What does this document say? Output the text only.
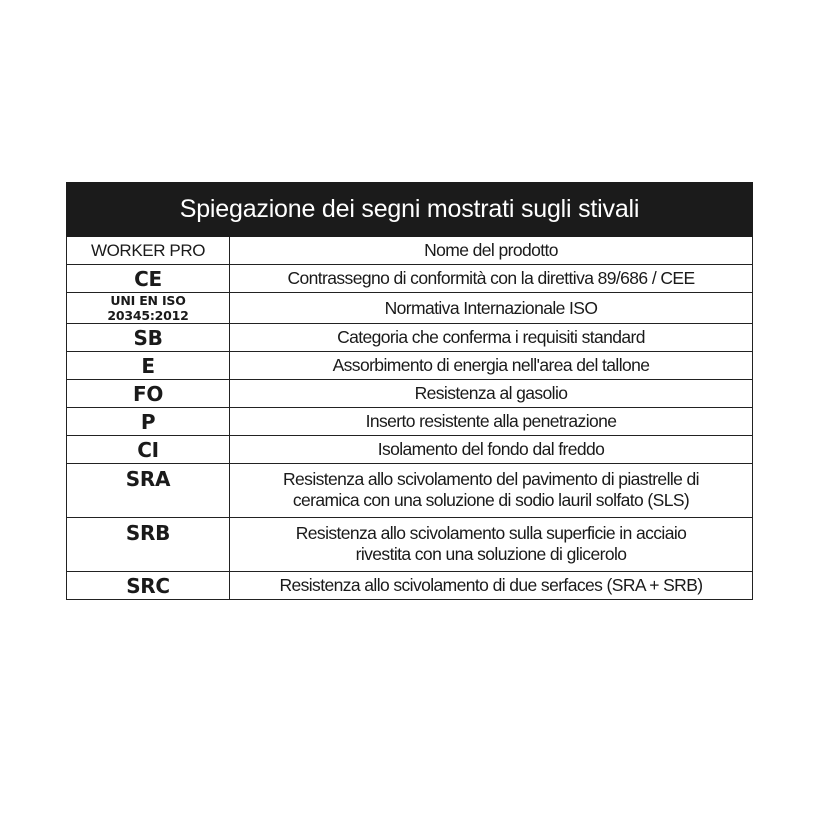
Spiegazione dei segni mostrati sugli stivali	
WORKER PRO	Nome del prodotto
CE	Contrassegno di conformità con la direttiva 89/686 / CEE
UNI EN ISO 20345:2012	Normativa Internazionale ISO
SB	Categoria che conferma i requisiti standard
E	Assorbimento di energia nell'area del tallone
FO	Resistenza al gasolio
P	Inserto resistente alla penetrazione
CI	Isolamento del fondo dal freddo
SRA	Resistenza allo scivolamento del pavimento di piastrelle di
ceramica con una soluzione di sodio lauril solfato (SLS)

SRB	Resistenza allo scivolamento sulla superficie in acciaio
rivestita con una soluzione di glicerolo

SRC	Resistenza allo scivolamento di due serfaces (SRA + SRB)
